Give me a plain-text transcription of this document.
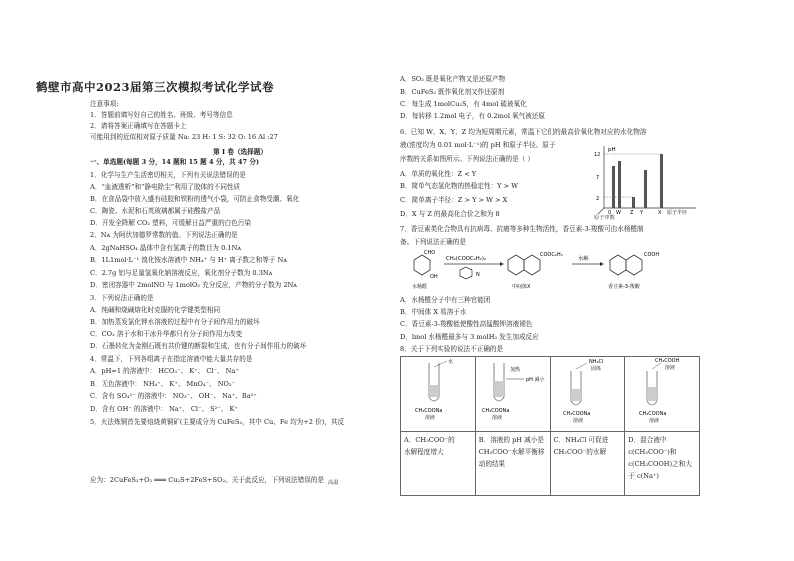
鹤壁市高中2023届第三次模拟考试化学试卷
注意事项:
1．答题前填写好自己的姓名、班级、考号等信息
2．请将答案正确填写在答题卡上
可能用到的近似相对原子质量 Na: 23 H: 1 S: 32 O: 16 Al :27
第 I 卷（选择题）
一、单选题(每题 3 分，14 题和 15 题 4 分，共 47 分)
1．化学与生产生活密切相关，下列有关说法错误的是
A．“血液透析”和“静电除尘”利用了胶体的不同性质
B．在食品袋中放入盛有硅胶和铁粉的透气小袋，可防止食物受潮、氧化
C．陶瓷、水泥和石英玻璃都属于硅酸盐产品
D．开发全降解 CO₂ 塑料，可缓解日益严重的白色污染
2．Nᴀ 为阿伏加德罗常数的值。下列说法正确的是
A．2gNaHSO₄ 晶体中含有氢离子的数目为 0.1Nᴀ
B．1L1mol·L⁻¹ 溴化铵水溶液中 NH₄⁺ 与 H⁺ 离子数之和等于 Nᴀ
C．2.7g 铝与足量氢氧化钠溶液反应，氧化剂分子数为 0.3Nᴀ
D．密闭容器中 2molNO 与 1molO₂ 充分反应，产物的分子数为 2Nᴀ
3．下列说法正确的是
A．纯碱和烧碱熔化时克服的化学键类型相同
B．加热蒸发氯化钾水溶液的过程中有分子间作用力的破坏
C．CO₂ 溶于水和干冰升华都只有分子间作用力改变
D．石墨转化为金刚石既有共价键的断裂和生成，也有分子间作用力的破坏
4．常温下，下列各组离子在指定溶液中能大量共存的是
A．pH=1 的溶液中： HCO₃⁻、 K⁺、 Cl⁻、 Na⁺
B．无色溶液中： NH₄⁺、 K⁺、 MnO₄⁻、 NO₃⁻
C．含有 SO₄²⁻ 的溶液中： NO₃⁻、 OH⁻、 Na⁺、Ba²⁺
D．含有 OH⁻ 的溶液中： Na⁺、 Cl⁻、 S²⁻、 K⁺
5．火法炼铜首先要焙烧黄铜矿(主要成分为 CuFeS₂，其中 Cu、Fe 均为+2 价)，其反
应为：2CuFeS₂+O₂ ═══ Cu₂S+2FeS+SO₂。关于此反应，下列说法错误的是 高温
A．SO₂ 既是氧化产物又是还原产物
B．CuFeS₂ 既作氧化剂又作还原剂
C．每生成 1molCu₂S，有 4mol 硫被氧化
D．每转移 1.2mol 电子，有 0.2mol 氧气被还原
6．已知 W、X、Y、Z 均为短周期元素，常温下它们的最高价氧化物对应的水化物溶
液(浓度均为 0.01 mol·L⁻¹)的 pH 和原子半径、原子
序数的关系如图所示。下列说法正确的是（ ）
A．单质的氧化性：Z < Y
B．简单气态氢化物的热稳定性：Y > W
C．简单离子半径：Z > Y > W > X
D．X 与 Z 的最高化合价之和为 8
7．香豆素类化合物具有抗病毒、抗癌等多种生物活性，香豆素-3-羧酸可由水杨醛制
备。下列说法正确的是
A．水杨醛分子中有三种官能团
B．中间体 X 易溶于水
C．香豆素-3-羧酸能使酸性高锰酸钾溶液褪色
D．lmol 水杨醛最多与 3 molH₂ 发生加成反应
8．关于下列实验的说法不正确的是
pH
12
7
2
0 W Z Y	X 原子半径
原子序数
CHO
OH
水杨醛
CH₂(COOC₂H₅)₂
N
COOC₂H₅
中间体X
水解
COOH
香豆素-3-羧酸
水
CH₃COONa
溶液	加热
pH 减小
CH₃COONa
溶液	NH₄Cl
固体
CH₃COONa
溶液	CH₃COOH
溶液
CH₃COONa
溶液

A．CH₃COO⁻的
水解程度增大	B．溶液的 pH 减小是
CH₃COO⁻水解平衡移
动的结果	C．NH₄Cl 可促进
CH₃COO⁻的水解	D．混合液中
c(CH₃COO⁻)和
c(CH₃COOH)之和大
于 c(Na⁺)
